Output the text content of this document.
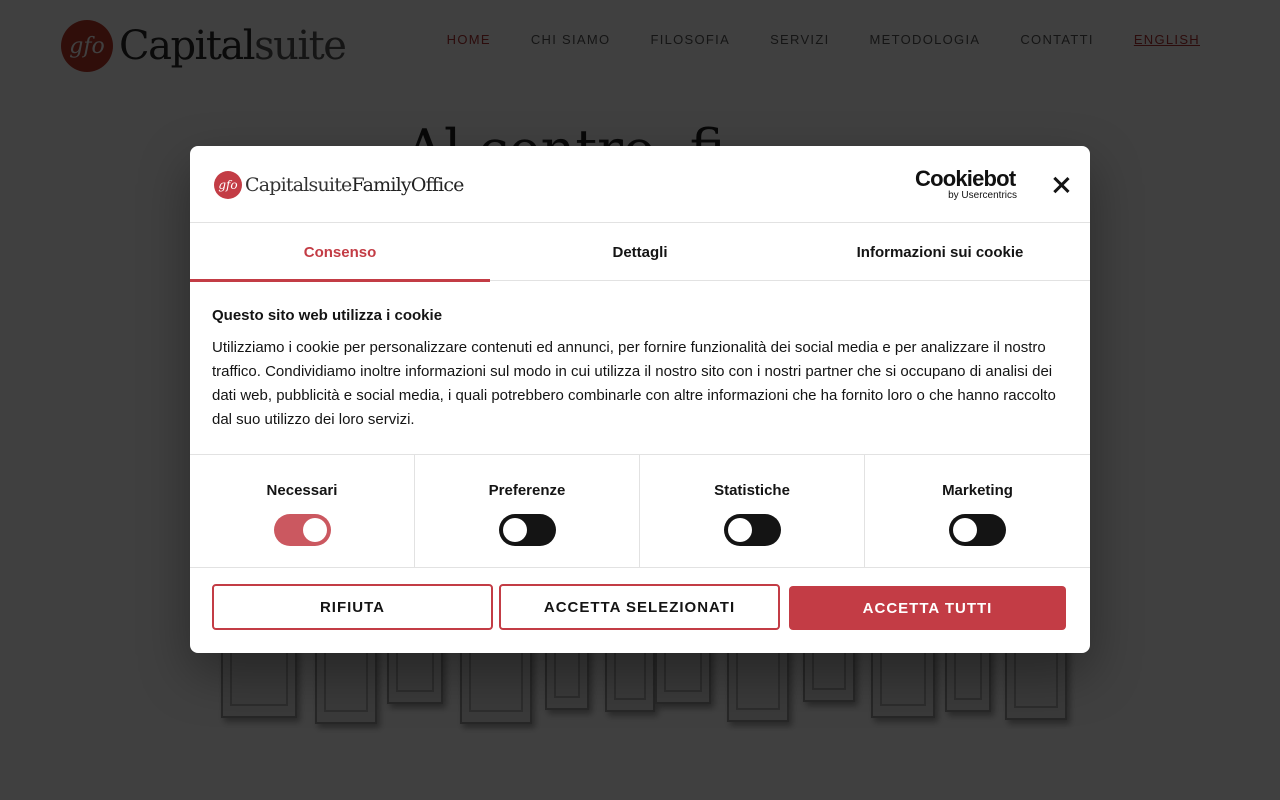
gfo CapitalsuiteFamilyOffice	Cookiebot
by Usercentrics
Consenso	Dettagli	Informazioni sui cookie
Questo sito web utilizza i cookie
Utilizziamo i cookie per personalizzare contenuti ed annunci, per fornire funzionalità dei social media e per analizzare il nostro traffico. Condividiamo inoltre informazioni sul modo in cui utilizza il nostro sito con i nostri partner che si occupano di analisi dei dati web, pubblicità e social media, i quali potrebbero combinarle con altre informazioni che ha fornito loro o che hanno raccolto dal suo utilizzo dei loro servizi.
Necessari	Preferenze	Statistiche	Marketing
RIFIUTA	ACCETTA SELEZIONATI	ACCETTA TUTTI
